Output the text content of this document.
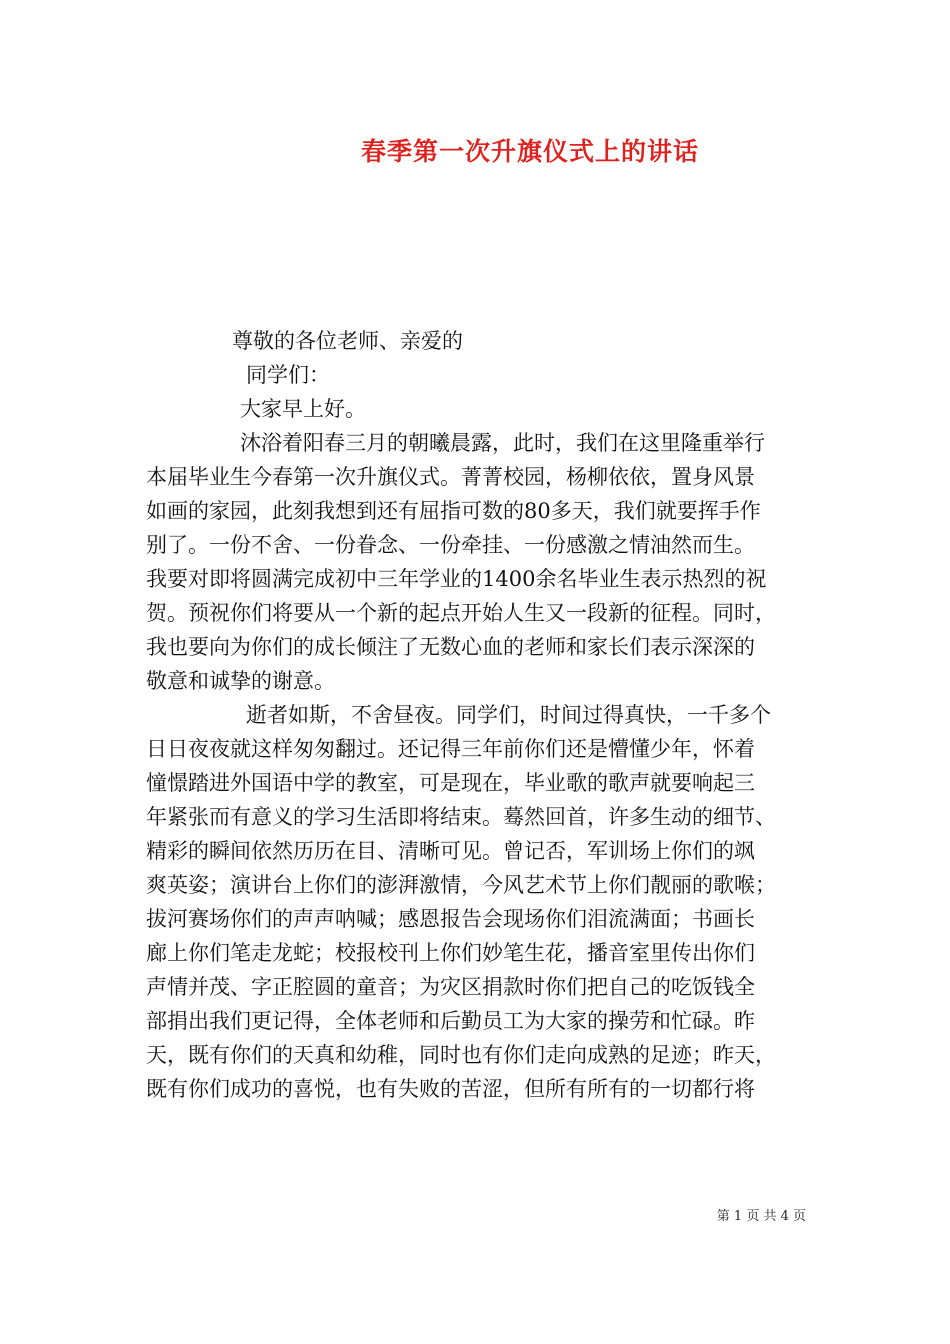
春季第一次升旗仪式上的讲话
尊敬的各位老师、亲爱的
同学们：
大家早上好。
沐浴着阳春三月的朝曦晨露，此时，我们在这里隆重举行
本届毕业生今春第一次升旗仪式。菁菁校园，杨柳依依，置身风景
如画的家园，此刻我想到还有屈指可数的80多天，我们就要挥手作
别了。一份不舍、一份眷念、一份牵挂、一份感激之情油然而生。
我要对即将圆满完成初中三年学业的1400余名毕业生表示热烈的祝
贺。预祝你们将要从一个新的起点开始人生又一段新的征程。同时，
我也要向为你们的成长倾注了无数心血的老师和家长们表示深深的
敬意和诚挚的谢意。
逝者如斯，不舍昼夜。同学们，时间过得真快，一千多个
日日夜夜就这样匆匆翻过。还记得三年前你们还是懵懂少年，怀着
憧憬踏进外国语中学的教室，可是现在，毕业歌的歌声就要响起三
年紧张而有意义的学习生活即将结束。蓦然回首，许多生动的细节、
精彩的瞬间依然历历在目、清晰可见。曾记否，军训场上你们的飒
爽英姿；演讲台上你们的澎湃激情，今风艺术节上你们靓丽的歌喉；
拔河赛场你们的声声呐喊；感恩报告会现场你们泪流满面；书画长
廊上你们笔走龙蛇；校报校刊上你们妙笔生花，播音室里传出你们
声情并茂、字正腔圆的童音；为灾区捐款时你们把自己的吃饭钱全
部捐出我们更记得，全体老师和后勤员工为大家的操劳和忙碌。昨
天，既有你们的天真和幼稚，同时也有你们走向成熟的足迹；昨天，
既有你们成功的喜悦，也有失败的苦涩，但所有所有的一切都行将
第 1 页 共 4 页
